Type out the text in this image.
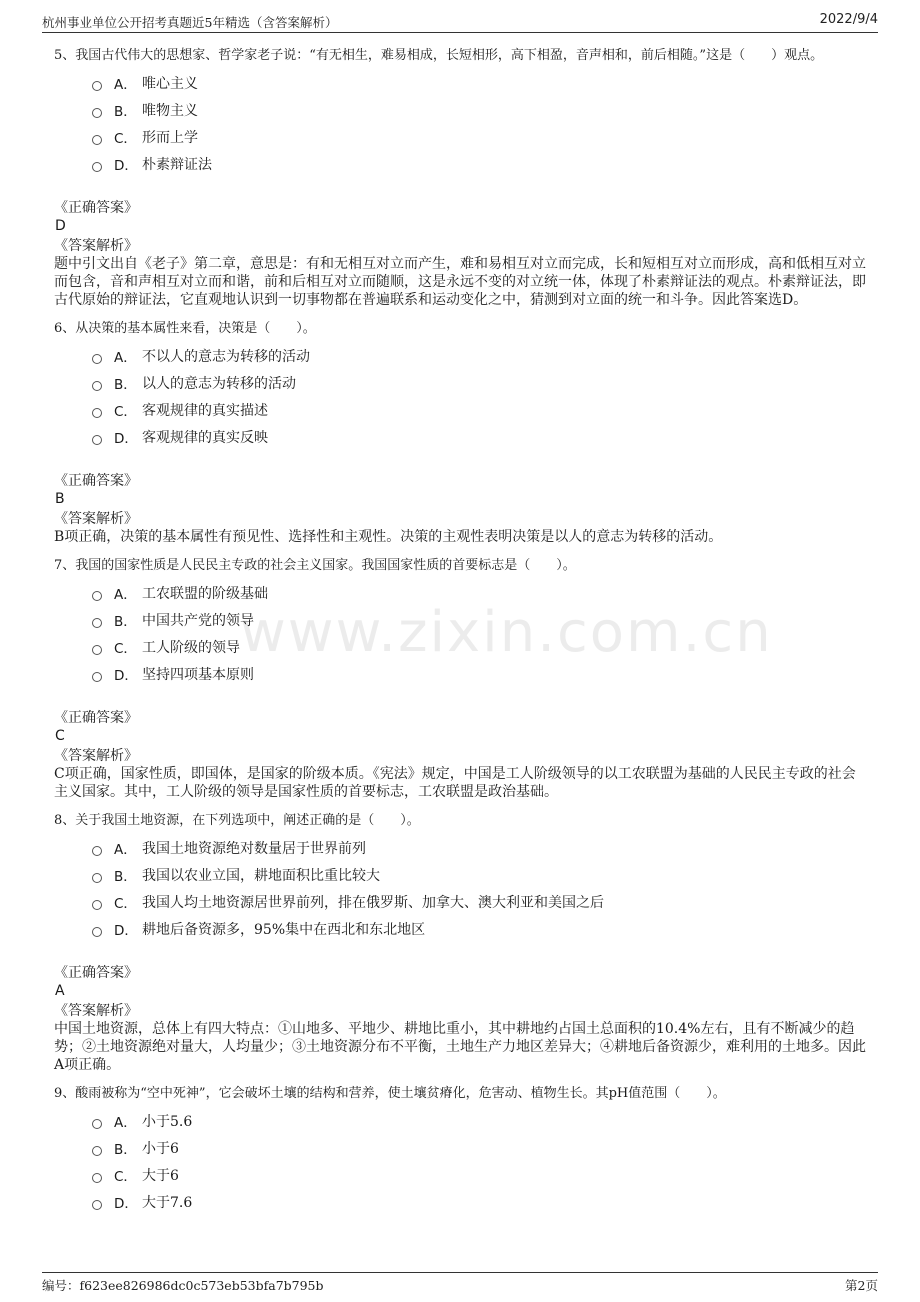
杭州事业单位公开招考真题近5年精选（含答案解析）	2022/9/4
www.zixin.com.cn
5、我国古代伟大的思想家、哲学家老子说：“有无相生，难易相成，长短相形，高下相盈，音声相和，前后相随。”这是（　　）观点。
A． 唯心主义
B． 唯物主义
C． 形而上学
D． 朴素辩证法
《正确答案》
D
《答案解析》
题中引文出自《老子》第二章，意思是：有和无相互对立而产生，难和易相互对立而完成，长和短相互对立而形成，高和低相互对立而包含，音和声相互对立而和谐，前和后相互对立而随顺，这是永远不变的对立统一体，体现了朴素辩证法的观点。朴素辩证法，即古代原始的辩证法，它直观地认识到一切事物都在普遍联系和运动变化之中，猜测到对立面的统一和斗争。因此答案选D。
6、从决策的基本属性来看，决策是（　　）。
A． 不以人的意志为转移的活动
B． 以人的意志为转移的活动
C． 客观规律的真实描述
D． 客观规律的真实反映
《正确答案》
B
《答案解析》
B项正确，决策的基本属性有预见性、选择性和主观性。决策的主观性表明决策是以人的意志为转移的活动。
7、我国的国家性质是人民民主专政的社会主义国家。我国国家性质的首要标志是（　　）。
A． 工农联盟的阶级基础
B． 中国共产党的领导
C． 工人阶级的领导
D． 坚持四项基本原则
《正确答案》
C
《答案解析》
C项正确，国家性质，即国体，是国家的阶级本质。《宪法》规定，中国是工人阶级领导的以工农联盟为基础的人民民主专政的社会主义国家。其中，工人阶级的领导是国家性质的首要标志，工农联盟是政治基础。
8、关于我国土地资源，在下列选项中，阐述正确的是（　　）。
A． 我国土地资源绝对数量居于世界前列
B． 我国以农业立国，耕地面积比重比较大
C． 我国人均土地资源居世界前列，排在俄罗斯、加拿大、澳大利亚和美国之后
D． 耕地后备资源多，95%集中在西北和东北地区
《正确答案》
A
《答案解析》
中国土地资源，总体上有四大特点：①山地多、平地少、耕地比重小，其中耕地约占国土总面积的10.4%左右，且有不断减少的趋势；②土地资源绝对量大，人均量少；③土地资源分布不平衡，土地生产力地区差异大；④耕地后备资源少，难利用的土地多。因此A项正确。
9、酸雨被称为“空中死神”，它会破坏土壤的结构和营养，使土壤贫瘠化，危害动、植物生长。其pH值范围（　　）。
A． 小于5.6
B． 小于6
C． 大于6
D． 大于7.6
编号：f623ee826986dc0c573eb53bfa7b795b	第2页
